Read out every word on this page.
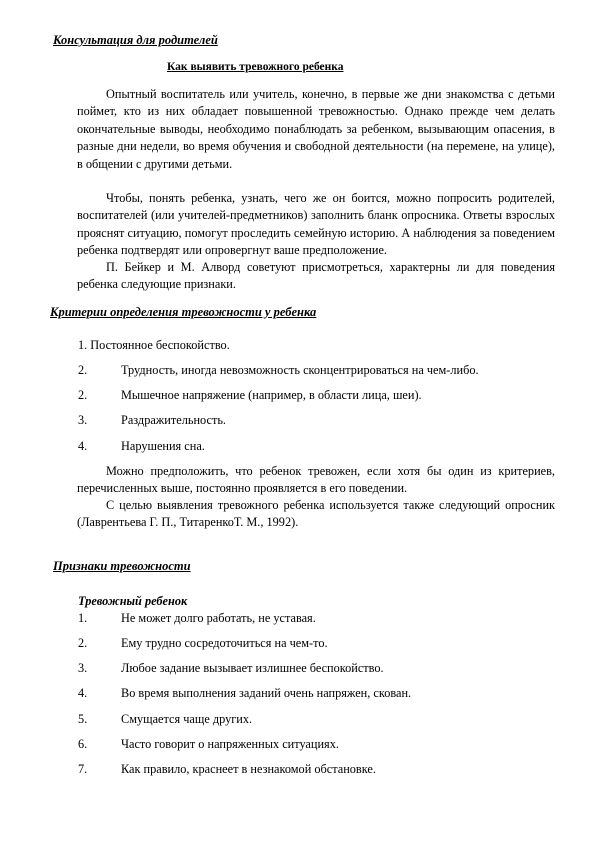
Консультация для родителей
Как выявить тревожного ребенка

Опытный воспитатель или учитель, конечно, в первые же дни знакомства с детьми поймет, кто из них обладает повышенной тревожностью. Однако прежде чем делать окончательные выводы, необходимо понаблюдать за ребенком, вызывающим опасения, в разные дни недели, во время обучения и свободной деятельности (на перемене, на улице), в общении с другими детьми.

Чтобы, понять ребенка, узнать, чего же он боится, можно попросить родителей, воспитателей (или учителей-предметников) заполнить бланк опросника. Ответы взрослых прояснят ситуацию, помогут проследить семейную историю. А наблюдения за поведением ребенка подтвердят или опровергнут ваше предположение.

П. Бейкер и М. Алворд советуют присмотреться, характерны ли для поведения ребенка следующие признаки.

Критерии определения тревожности у ребенка
1. Постоянное беспокойство.
2.	Трудность, иногда невозможность сконцентрироваться на чем-либо.
2.	Мышечное напряжение (например, в области лица, шеи).
3.	Раздражительность.
4.	Нарушения сна.

Можно предположить, что ребенок тревожен, если хотя бы один из критериев, перечисленных выше, постоянно проявляется в его поведении.

С целью выявления тревожного ребенка используется также следующий опросник (Лаврентьева Г. П., ТитаренкоТ. М., 1992).

Признаки тревожности
Тревожный ребенок
1.	Не может долго работать, не уставая.
2.	Ему трудно сосредоточиться на чем-то.
3.	Любое задание вызывает излишнее беспокойство.
4.	Во время выполнения заданий очень напряжен, скован.
5.	Смущается чаще других.
6.	Часто говорит о напряженных ситуациях.
7.	Как правило, краснеет в незнакомой обстановке.
